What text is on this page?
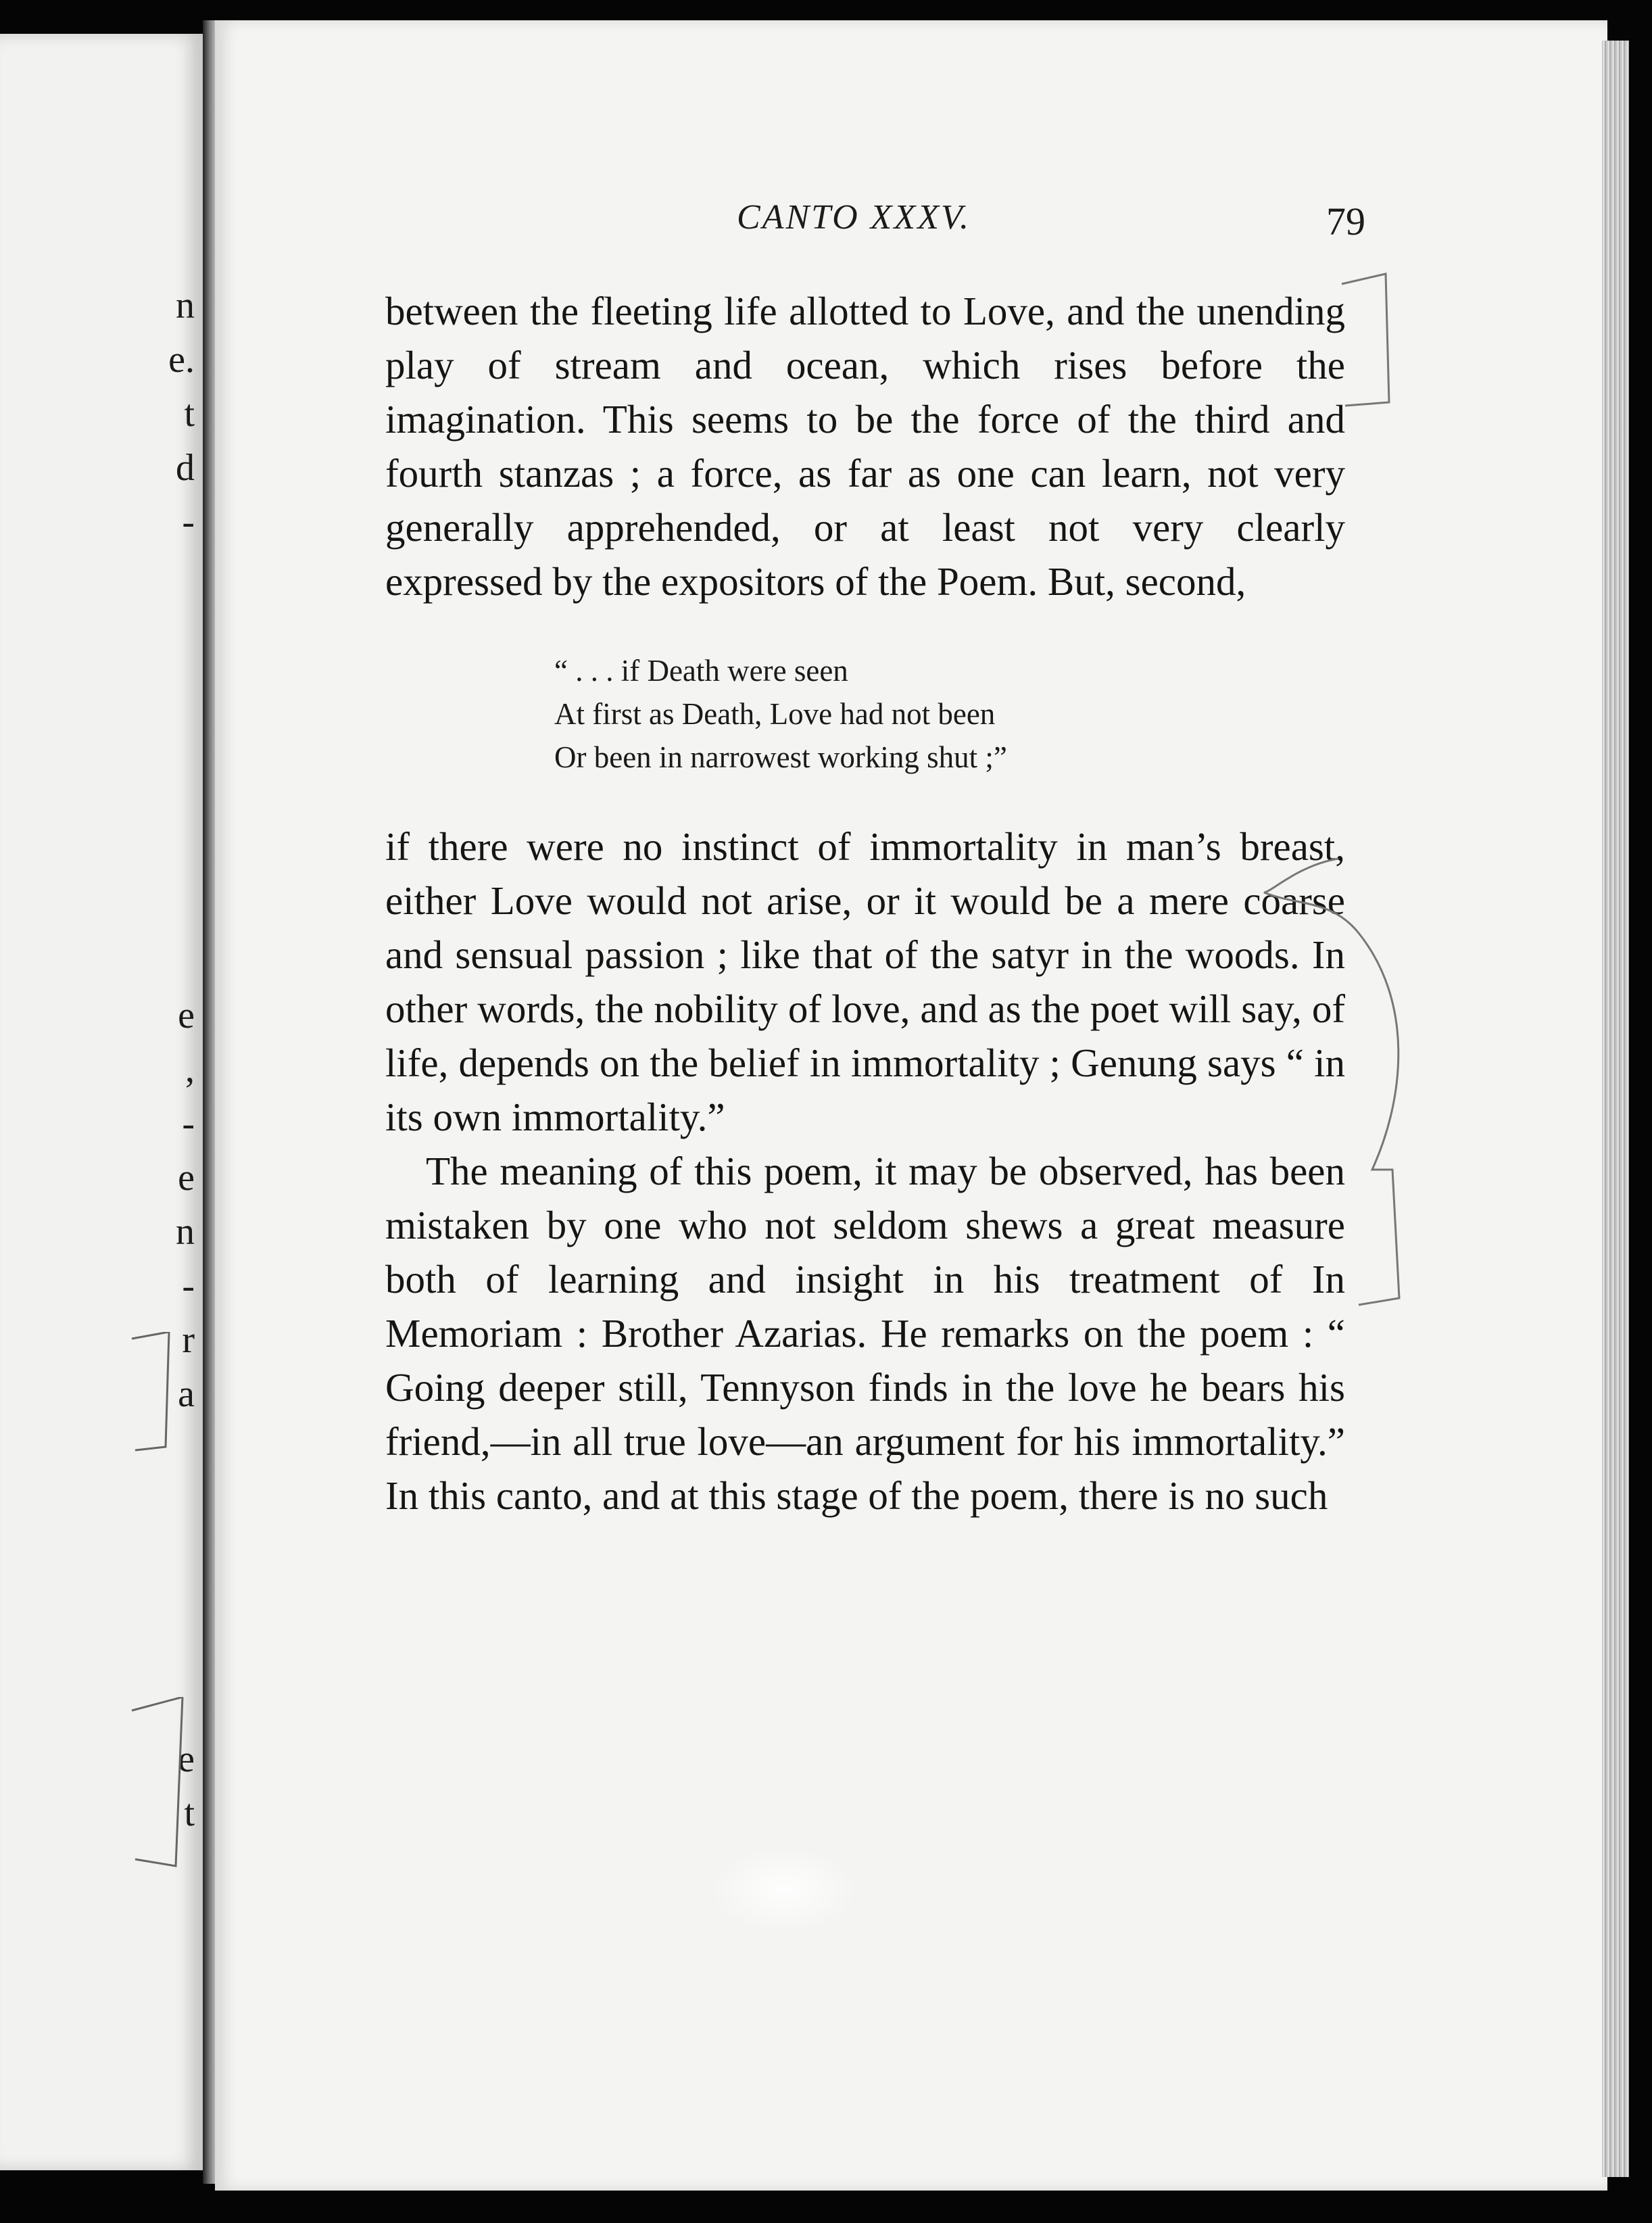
n
e.
t
d
-
e
,
-
e
n
-
r
a
e
t
CANTO XXXV.	79

between the fleeting life allotted to Love, and the unending play of stream and ocean, which rises before the imagination. This seems to be the force of the third and fourth stanzas ; a force, as far as one can learn, not very generally apprehended, or at least not very clearly expressed by the expositors of the Poem. But, second,

“ . . . if Death were seen
At first as Death, Love had not been
Or been in narrowest working shut ;”

if there were no instinct of immortality in man’s breast, either Love would not arise, or it would be a mere coarse and sensual passion ; like that of the satyr in the woods. In other words, the nobility of love, and as the poet will say, of life, depends on the belief in immortality ; Genung says “ in its own immortality.”

The meaning of this poem, it may be observed, has been mistaken by one who not seldom shews a great measure both of learning and insight in his treatment of In Memoriam : Brother Azarias. He remarks on the poem : “ Going deeper still, Tennyson finds in the love he bears his friend,—in all true love—an argument for his immortality.” In this canto, and at this stage of the poem, there is no such
